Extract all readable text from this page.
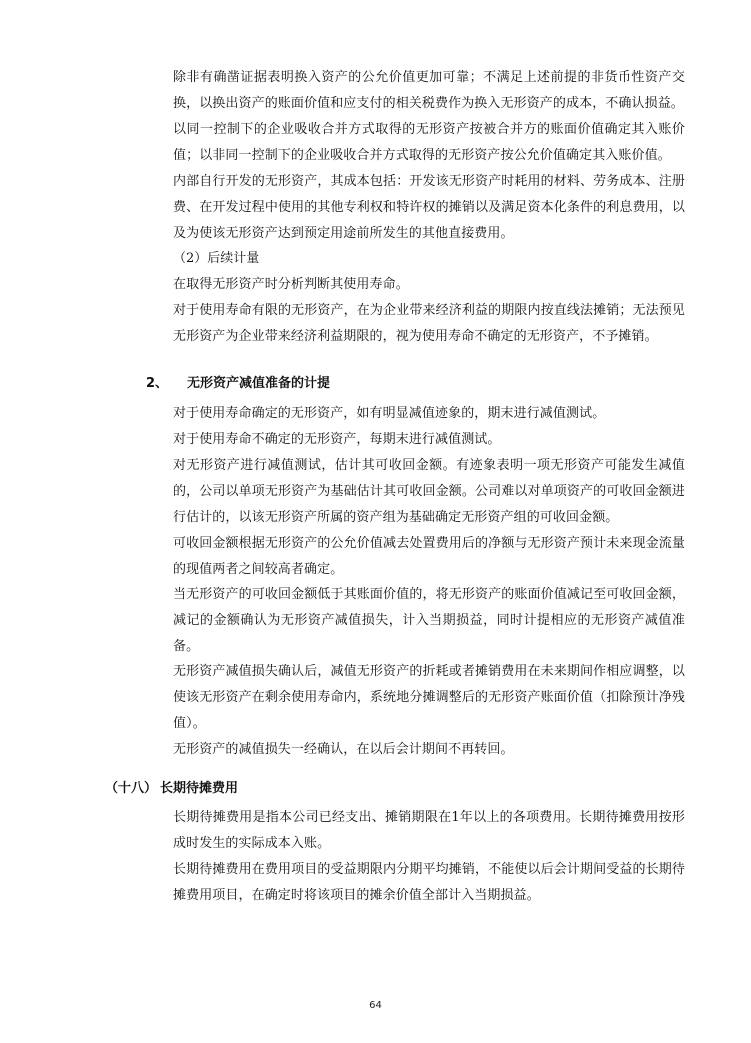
除非有确凿证据表明换入资产的公允价值更加可靠；不满足上述前提的非货币性资产交换，以换出资产的账面价值和应支付的相关税费作为换入无形资产的成本，不确认损益。

以同一控制下的企业吸收合并方式取得的无形资产按被合并方的账面价值确定其入账价值；以非同一控制下的企业吸收合并方式取得的无形资产按公允价值确定其入账价值。

内部自行开发的无形资产，其成本包括：开发该无形资产时耗用的材料、劳务成本、注册费、在开发过程中使用的其他专利权和特许权的摊销以及满足资本化条件的利息费用，以及为使该无形资产达到预定用途前所发生的其他直接费用。

（2）后续计量

在取得无形资产时分析判断其使用寿命。

对于使用寿命有限的无形资产，在为企业带来经济利益的期限内按直线法摊销；无法预见无形资产为企业带来经济利益期限的，视为使用寿命不确定的无形资产，不予摊销。

2、 无形资产减值准备的计提

对于使用寿命确定的无形资产，如有明显减值迹象的，期末进行减值测试。

对于使用寿命不确定的无形资产，每期末进行减值测试。

对无形资产进行减值测试，估计其可收回金额。有迹象表明一项无形资产可能发生减值的，公司以单项无形资产为基础估计其可收回金额。公司难以对单项资产的可收回金额进行估计的，以该无形资产所属的资产组为基础确定无形资产组的可收回金额。

可收回金额根据无形资产的公允价值减去处置费用后的净额与无形资产预计未来现金流量的现值两者之间较高者确定。

当无形资产的可收回金额低于其账面价值的，将无形资产的账面价值减记至可收回金额，减记的金额确认为无形资产减值损失，计入当期损益，同时计提相应的无形资产减值准备。

无形资产减值损失确认后，减值无形资产的折耗或者摊销费用在未来期间作相应调整，以使该无形资产在剩余使用寿命内，系统地分摊调整后的无形资产账面价值（扣除预计净残值）。

无形资产的减值损失一经确认，在以后会计期间不再转回。

（十八） 长期待摊费用

长期待摊费用是指本公司已经支出、摊销期限在1年以上的各项费用。长期待摊费用按形成时发生的实际成本入账。

长期待摊费用在费用项目的受益期限内分期平均摊销，不能使以后会计期间受益的长期待摊费用项目，在确定时将该项目的摊余价值全部计入当期损益。

64
